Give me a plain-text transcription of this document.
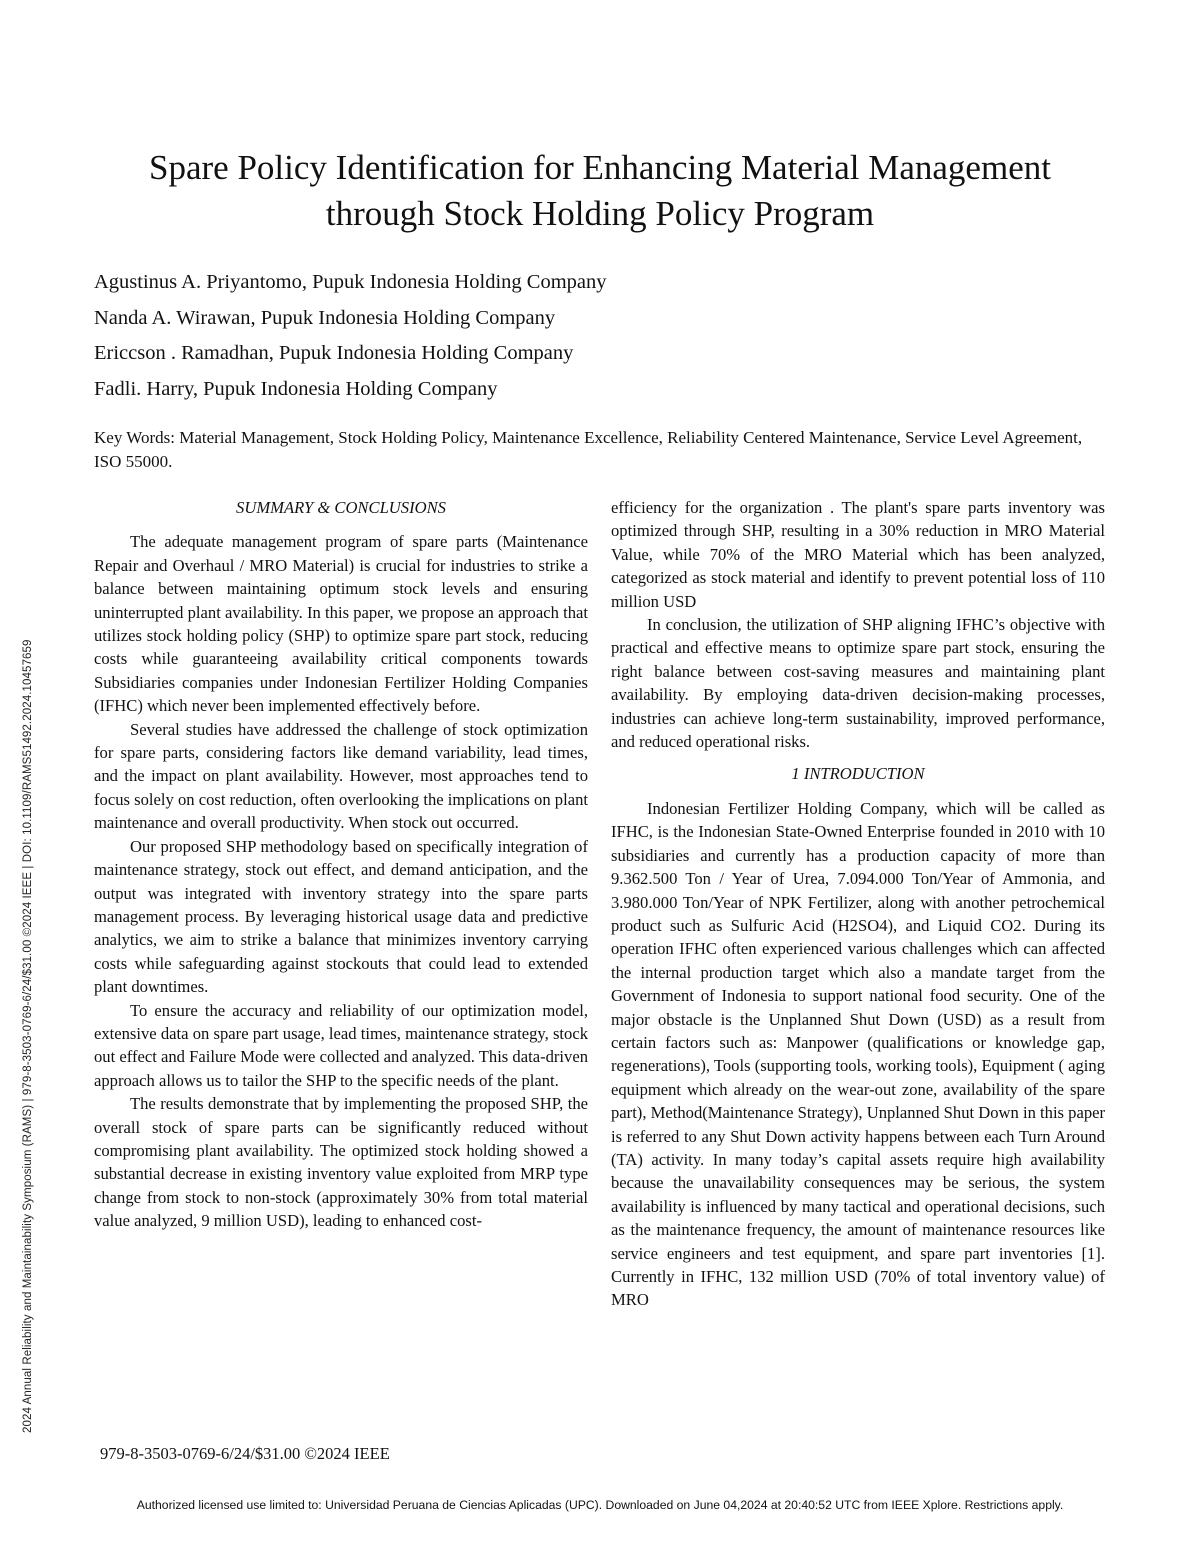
2024 Annual Reliability and Maintainability Symposium (RAMS) | 979-8-3503-0769-6/24/$31.00 ©2024 IEEE | DOI: 10.1109/RAMS51492.2024.10457659
Spare Policy Identification for Enhancing Material Management
through Stock Holding Policy Program
Agustinus A. Priyantomo, Pupuk Indonesia Holding Company
Nanda A. Wirawan, Pupuk Indonesia Holding Company
Ericcson . Ramadhan, Pupuk Indonesia Holding Company
Fadli. Harry, Pupuk Indonesia Holding Company

Key Words: Material Management, Stock Holding Policy, Maintenance Excellence, Reliability Centered Maintenance, Service Level Agreement, ISO 55000.

SUMMARY & CONCLUSIONS

The adequate management program of spare parts (Maintenance Repair and Overhaul / MRO Material) is crucial for industries to strike a balance between maintaining optimum stock levels and ensuring uninterrupted plant availability. In this paper, we propose an approach that utilizes stock holding policy (SHP) to optimize spare part stock, reducing costs while guaranteeing availability critical components towards Subsidiaries companies under Indonesian Fertilizer Holding Companies (IFHC) which never been implemented effectively before.

Several studies have addressed the challenge of stock optimization for spare parts, considering factors like demand variability, lead times, and the impact on plant availability. However, most approaches tend to focus solely on cost reduction, often overlooking the implications on plant maintenance and overall productivity. When stock out occurred.

Our proposed SHP methodology based on specifically integration of maintenance strategy, stock out effect, and demand anticipation, and the output was integrated with inventory strategy into the spare parts management process. By leveraging historical usage data and predictive analytics, we aim to strike a balance that minimizes inventory carrying costs while safeguarding against stockouts that could lead to extended plant downtimes.

To ensure the accuracy and reliability of our optimization model, extensive data on spare part usage, lead times, maintenance strategy, stock out effect and Failure Mode were collected and analyzed. This data-driven approach allows us to tailor the SHP to the specific needs of the plant.

The results demonstrate that by implementing the proposed SHP, the overall stock of spare parts can be significantly reduced without compromising plant availability. The optimized stock holding showed a substantial decrease in existing inventory value exploited from MRP type change from stock to non-stock (approximately 30% from total material value analyzed, 9 million USD), leading to enhanced cost-

efficiency for the organization . The plant's spare parts inventory was optimized through SHP, resulting in a 30% reduction in MRO Material Value, while 70% of the MRO Material which has been analyzed, categorized as stock material and identify to prevent potential loss of 110 million USD

In conclusion, the utilization of SHP aligning IFHC’s objective with practical and effective means to optimize spare part stock, ensuring the right balance between cost-saving measures and maintaining plant availability. By employing data-driven decision-making processes, industries can achieve long-term sustainability, improved performance, and reduced operational risks.

1 INTRODUCTION

Indonesian Fertilizer Holding Company, which will be called as IFHC, is the Indonesian State-Owned Enterprise founded in 2010 with 10 subsidiaries and currently has a production capacity of more than 9.362.500 Ton / Year of Urea, 7.094.000 Ton/Year of Ammonia, and 3.980.000 Ton/Year of NPK Fertilizer, along with another petrochemical product such as Sulfuric Acid (H2SO4), and Liquid CO2. During its operation IFHC often experienced various challenges which can affected the internal production target which also a mandate target from the Government of Indonesia to support national food security. One of the major obstacle is the Unplanned Shut Down (USD) as a result from certain factors such as: Manpower (qualifications or knowledge gap, regenerations), Tools (supporting tools, working tools), Equipment ( aging equipment which already on the wear-out zone, availability of the spare part), Method(Maintenance Strategy), Unplanned Shut Down in this paper is referred to any Shut Down activity happens between each Turn Around (TA) activity. In many today’s capital assets require high availability because the unavailability consequences may be serious, the system availability is influenced by many tactical and operational decisions, such as the maintenance frequency, the amount of maintenance resources like service engineers and test equipment, and spare part inventories [1]. Currently in IFHC, 132 million USD (70% of total inventory value) of MRO

979-8-3503-0769-6/24/$31.00 ©2024 IEEE

Authorized licensed use limited to: Universidad Peruana de Ciencias Aplicadas (UPC). Downloaded on June 04,2024 at 20:40:52 UTC from IEEE Xplore. Restrictions apply.
